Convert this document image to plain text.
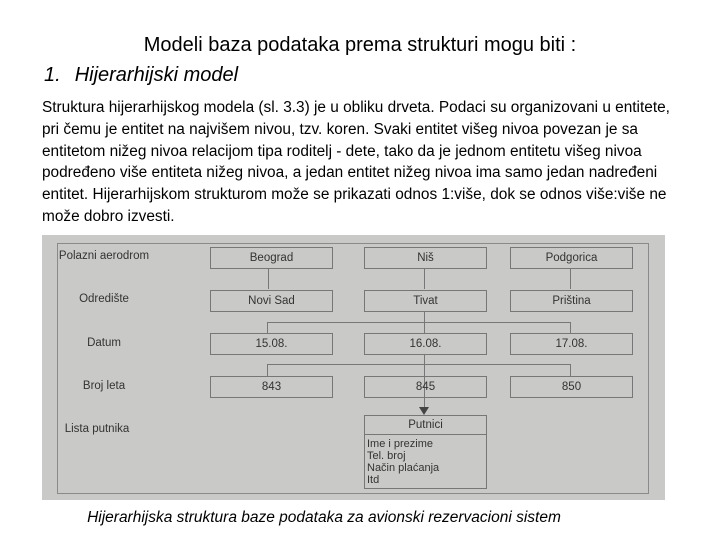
Modeli baza podataka prema strukturi mogu biti :
1. Hijerarhijski model
Struktura hijerarhijskog modela (sl. 3.3) je u obliku drveta. Podaci su organizovani u entitete, pri čemu je entitet na najvišem nivou, tzv. koren. Svaki entitet višeg nivoa povezan je sa entitetom nižeg nivoa relacijom tipa roditelj - dete, tako da je jednom entitetu višeg nivoa podređeno više entiteta nižeg nivoa, a jedan entitet nižeg nivoa ima samo jedan nadređeni entitet. Hijerarhijskom strukturom može se prikazati odnos 1:više, dok se odnos više:više ne može dobro izvesti.
Polazni aerodrom
Odredište
Datum
Broj leta
Lista putnika
Beograd	Niš	Podgorica
Novi Sad	Tivat	Priština
15.08.	16.08.	17.08.
843	845	850
Putnici
Ime i prezime
Tel. broj
Način plaćanja
Itd
Hijerarhijska struktura baze podataka za avionski rezervacioni sistem
